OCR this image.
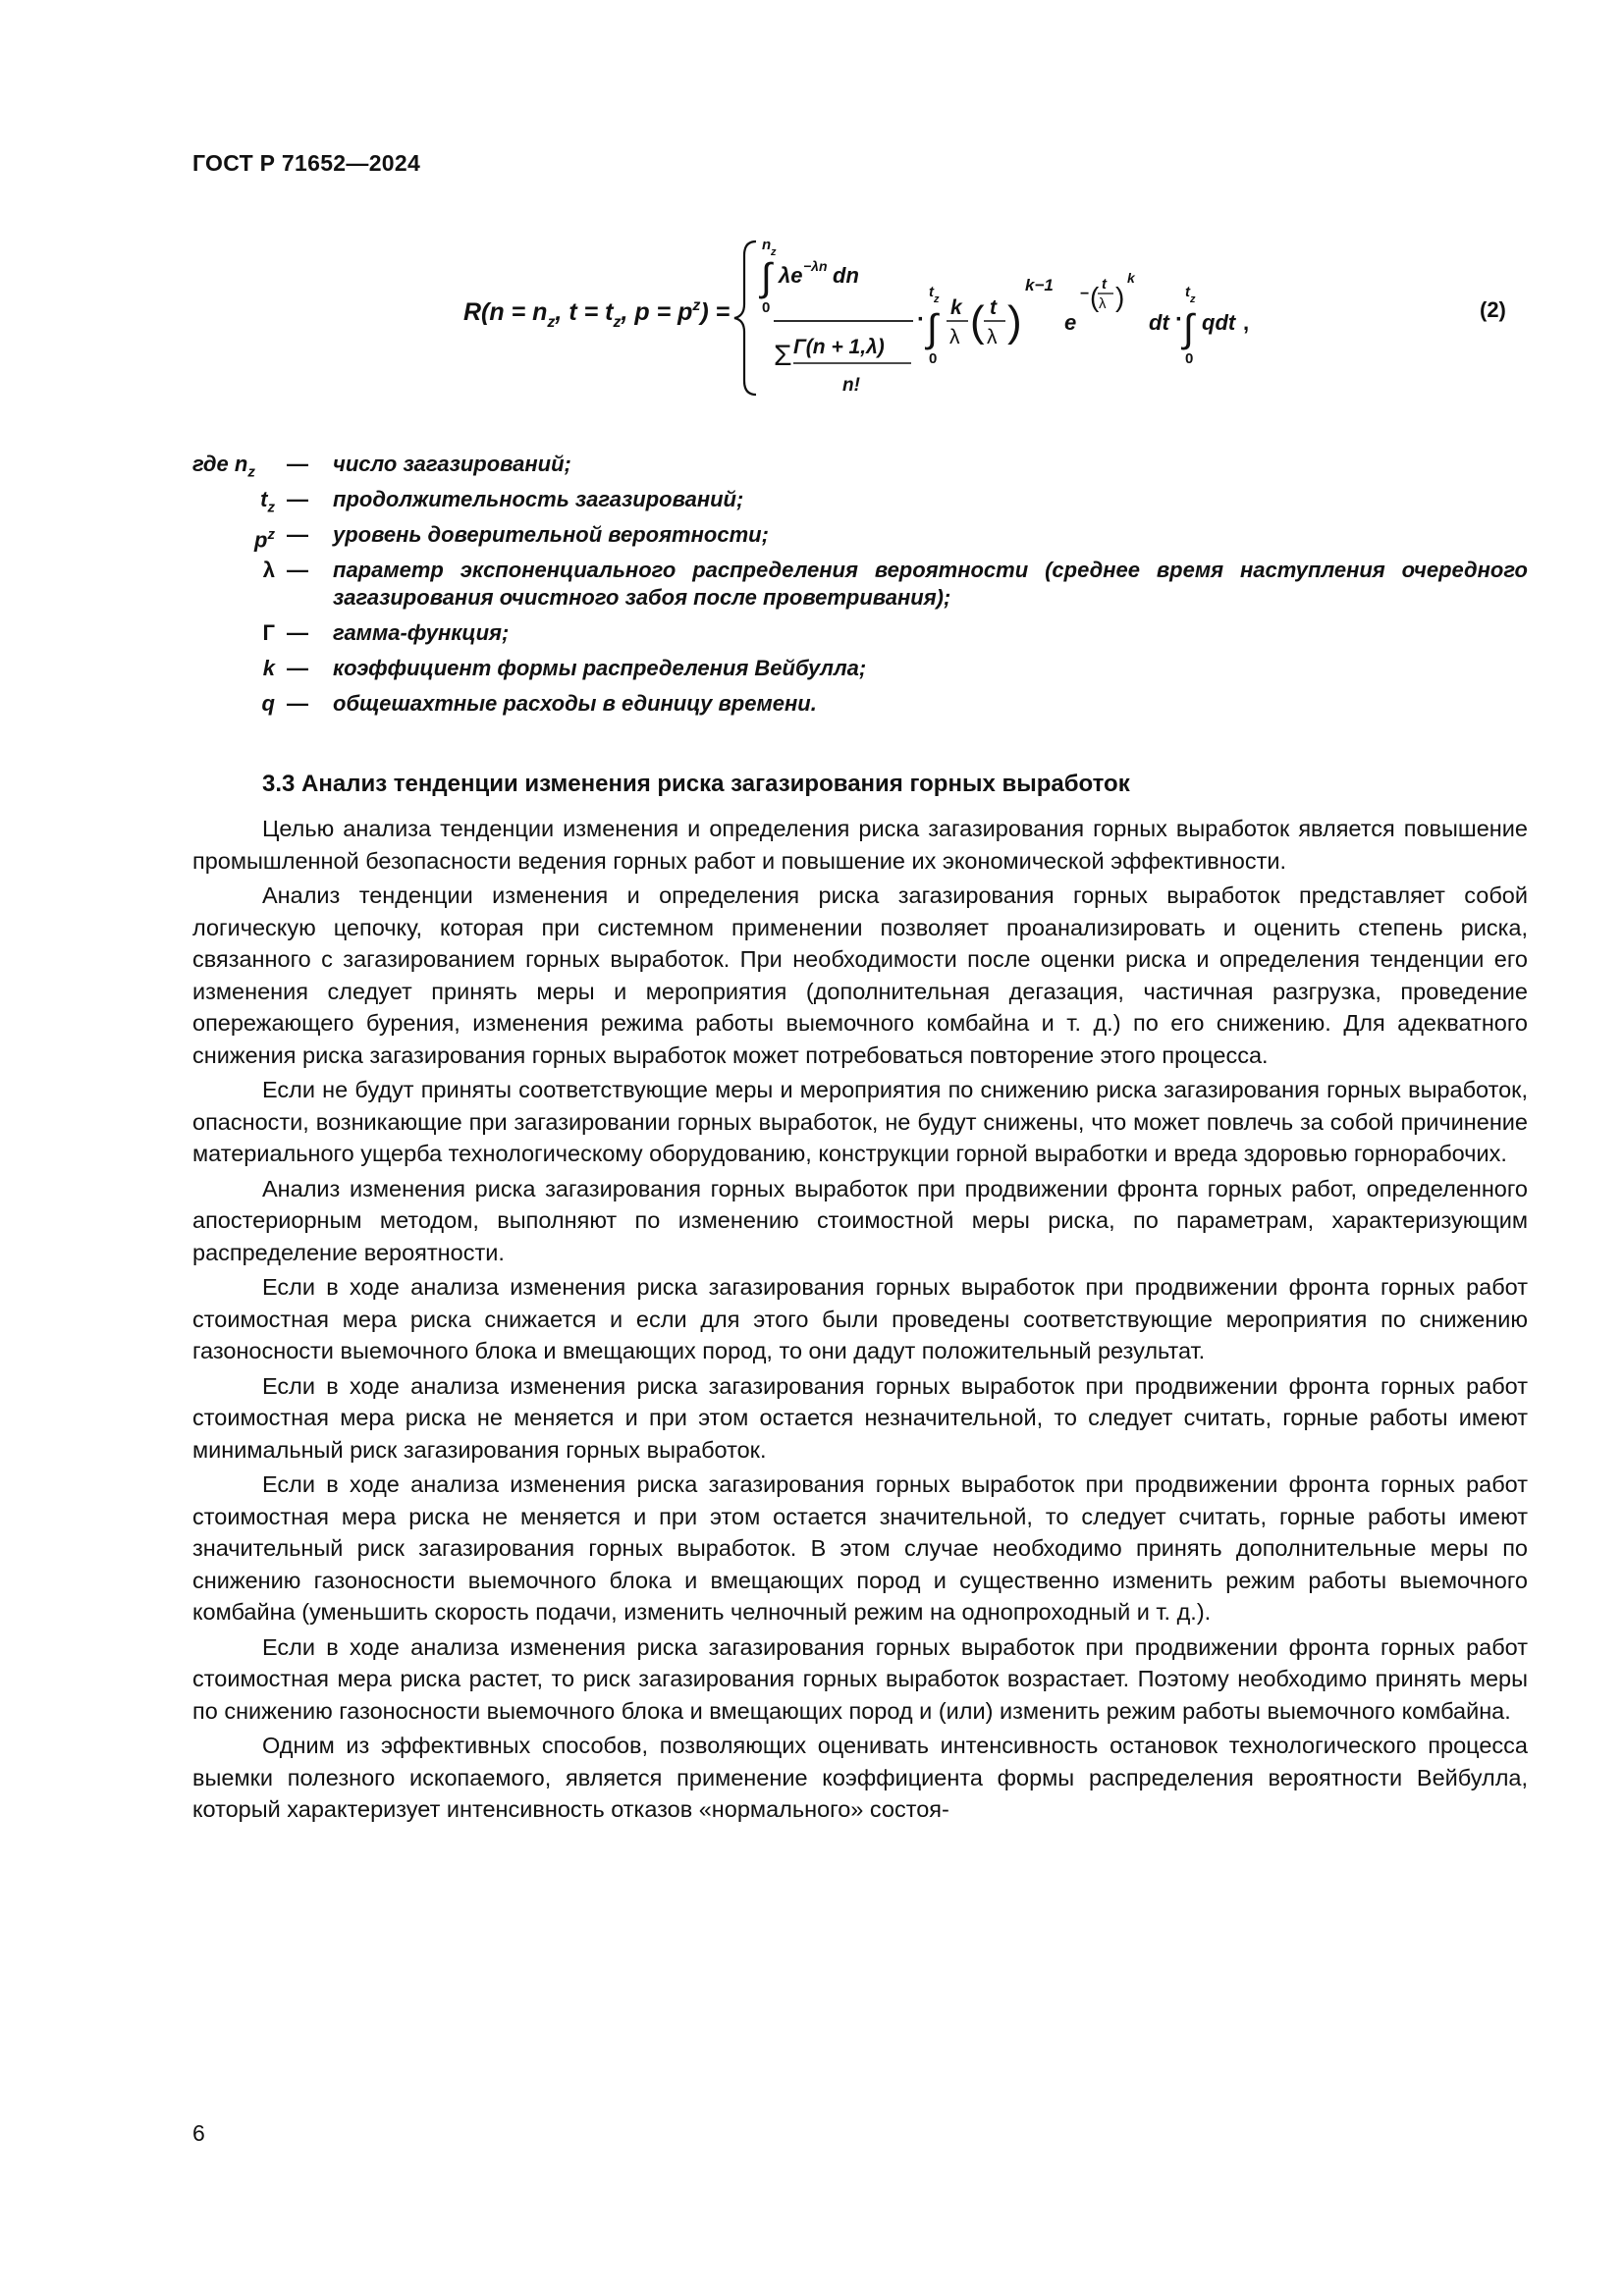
ГОСТ Р 71652—2024
$R(n = n_z$, $t = t_z$, $p = p^z$) =
n z
∫ λe −λn dn
0
Σ Γ(n + 1,λ)
n!
·
t z
∫
0
k
λ ( t
λ )
k−1
e
− ( t
λ )
k
dt ·
t z
∫
0
qdt ,
(2)
где $n_z$ — число загазирований;
$t_z$ — продолжительность загазирований;
$p^z$ — уровень доверительной вероятности;
λ — параметр экспоненциального распределения вероятности (среднее время наступления очередного загазирования очистного забоя после проветривания);
Г — гамма-функция;
k — коэффициент формы распределения Вейбулла;
q — общешахтные расходы в единицу времени.
3.3 Анализ тенденции изменения риска загазирования горных выработок

Целью анализа тенденции изменения и определения риска загазирования горных выработок является повышение промышленной безопасности ведения горных работ и повышение их экономической эффективности.

Анализ тенденции изменения и определения риска загазирования горных выработок представляет собой логическую цепочку, которая при системном применении позволяет проанализировать и оценить степень риска, связанного с загазированием горных выработок. При необходимости после оценки риска и определения тенденции его изменения следует принять меры и мероприятия (дополнительная дегазация, частичная разгрузка, проведение опережающего бурения, изменения режима работы выемочного комбайна и т. д.) по его снижению. Для адекватного снижения риска загазирования горных выработок может потребоваться повторение этого процесса.

Если не будут приняты соответствующие меры и мероприятия по снижению риска загазирования горных выработок, опасности, возникающие при загазировании горных выработок, не будут снижены, что может повлечь за собой причинение материального ущерба технологическому оборудованию, конструкции горной выработки и вреда здоровью горнорабочих.

Анализ изменения риска загазирования горных выработок при продвижении фронта горных работ, определенного апостериорным методом, выполняют по изменению стоимостной меры риска, по параметрам, характеризующим распределение вероятности.

Если в ходе анализа изменения риска загазирования горных выработок при продвижении фронта горных работ стоимостная мера риска снижается и если для этого были проведены соответствующие мероприятия по снижению газоносности выемочного блока и вмещающих пород, то они дадут положительный результат.

Если в ходе анализа изменения риска загазирования горных выработок при продвижении фронта горных работ стоимостная мера риска не меняется и при этом остается незначительной, то следует считать, горные работы имеют минимальный риск загазирования горных выработок.

Если в ходе анализа изменения риска загазирования горных выработок при продвижении фронта горных работ стоимостная мера риска не меняется и при этом остается значительной, то следует считать, горные работы имеют значительный риск загазирования горных выработок. В этом случае необходимо принять дополнительные меры по снижению газоносности выемочного блока и вмещающих пород и существенно изменить режим работы выемочного комбайна (уменьшить скорость подачи, изменить челночный режим на однопроходный и т. д.).

Если в ходе анализа изменения риска загазирования горных выработок при продвижении фронта горных работ стоимостная мера риска растет, то риск загазирования горных выработок возрастает. Поэтому необходимо принять меры по снижению газоносности выемочного блока и вмещающих пород и (или) изменить режим работы выемочного комбайна.

Одним из эффективных способов, позволяющих оценивать интенсивность остановок технологического процесса выемки полезного ископаемого, является применение коэффициента формы распределения вероятности Вейбулла, который характеризует интенсивность отказов «нормального» состоя-

6
